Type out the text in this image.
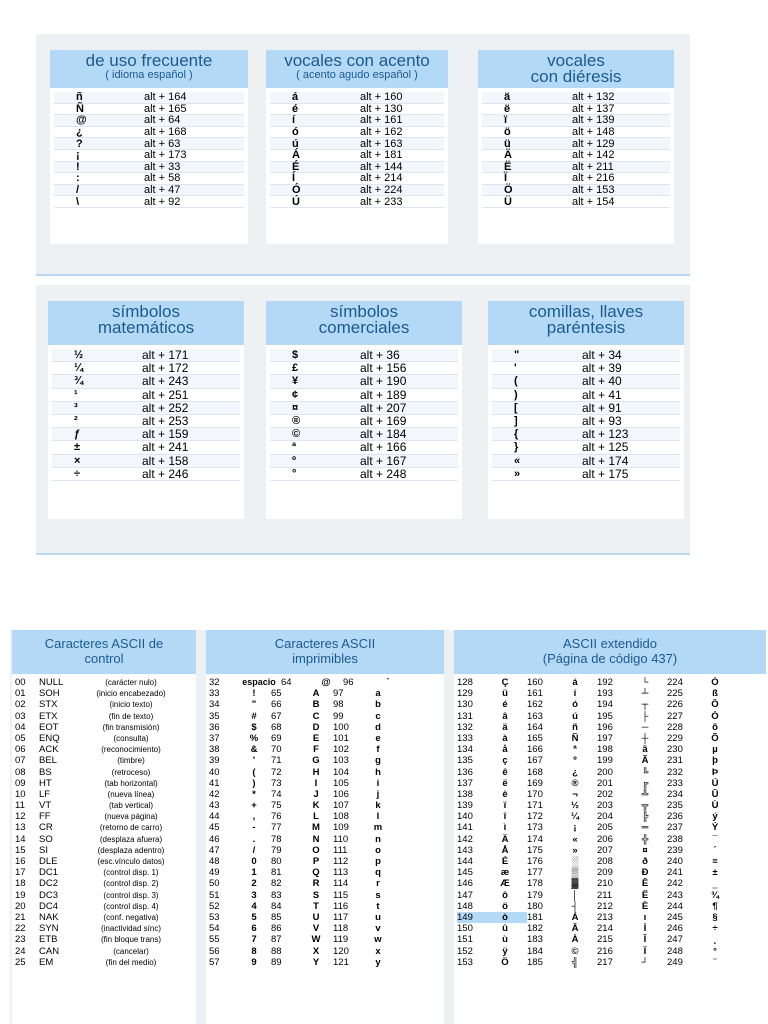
de uso frecuente
( idioma español )
ñ	alt + 164
Ñ	alt + 165
@	alt + 64
¿	alt + 168
?	alt + 63
¡	alt + 173
!	alt + 33
:	alt + 58
/	alt + 47
\	alt + 92
vocales con acento
( acento agudo español )
á	alt + 160
é	alt + 130
í	alt + 161
ó	alt + 162
ú	alt + 163
Á	alt + 181
É	alt + 144
Í	alt + 214
Ó	alt + 224
Ú	alt + 233
vocales
con diéresis
ä	alt + 132
ë	alt + 137
ï	alt + 139
ö	alt + 148
ü	alt + 129
Ä	alt + 142
Ë	alt + 211
Ï	alt + 216
Ö	alt + 153
Ü	alt + 154
símbolos
matemáticos
½	alt + 171
¼	alt + 172
¾	alt + 243
¹	alt + 251
³	alt + 252
²	alt + 253
ƒ	alt + 159
±	alt + 241
×	alt + 158
÷	alt + 246
símbolos
comerciales
$	alt + 36
£	alt + 156
¥	alt + 190
¢	alt + 189
¤	alt + 207
®	alt + 169
©	alt + 184
ª	alt + 166
º	alt + 167
°	alt + 248
comillas, llaves
paréntesis
"	alt + 34
'	alt + 39
(	alt + 40
)	alt + 41
[	alt + 91
]	alt + 93
{	alt + 123
}	alt + 125
«	alt + 174
»	alt + 175
Caracteres ASCII de
control
00	NULL	(carácter nulo)
01	SOH	(inicio encabezado)
02	STX	(inicio texto)
03	ETX	(fin de texto)
04	EOT	(fin transmisión)
05	ENQ	(consulta)
06	ACK	(reconocimiento)
07	BEL	(timbre)
08	BS	(retroceso)
09	HT	(tab horizontal)
10	LF	(nueva línea)
11	VT	(tab vertical)
12	FF	(nueva página)
13	CR	(retorno de carro)
14	SO	(desplaza afuera)
15	SI	(desplaza adentro)
16	DLE	(esc.vínculo datos)
17	DC1	(control disp. 1)
18	DC2	(control disp. 2)
19	DC3	(control disp. 3)
20	DC4	(control disp. 4)
21	NAK	(conf. negativa)
22	SYN	(inactividad sínc)
23	ETB	(fin bloque trans)
24	CAN	(cancelar)
25	EM	(fin del medio)
Caracteres ASCII
imprimibles
32	espacio 64	@	96	`
33	!	65	A	97	a
34	"	66	B	98	b
35	#	67	C	99	c
36	$	68	D	100	d
37	%	69	E	101	e
38	&	70	F	102	f
39	'	71	G	103	g
40	(	72	H	104	h
41	)	73	I	105	i
42	*	74	J	106	j
43	+	75	K	107	k
44	,	76	L	108	l
45	-	77	M	109	m
46	.	78	N	110	n
47	/	79	O	111	o
48	0	80	P	112	p
49	1	81	Q	113	q
50	2	82	R	114	r
51	3	83	S	115	s
52	4	84	T	116	t
53	5	85	U	117	u
54	6	86	V	118	v
55	7	87	W	119	w
56	8	88	X	120	x
57	9	89	Y	121	y
ASCII extendido
(Página de código 437)
128	Ç	160	á	192	└	224	Ó
129	ü	161	í	193	┴	225	ß
130	é	162	ó	194	┬	226	Ô
131	â	163	ú	195	├	227	Ò
132	ä	164	ñ	196	─	228	õ
133	à	165	Ñ	197	┼	229	Õ
134	å	166	ª	198	ã	230	µ
135	ç	167	º	199	Ã	231	þ
136	ê	168	¿	200	╚	232	Þ
137	ë	169	®	201	╔	233	Ú
138	è	170	¬	202	╩	234	Û
139	ï	171	½	203	╦	235	Ù
140	î	172	¼	204	╠	236	ý
141	ì	173	¡	205	═	237	Ý
142	Ä	174	«	206	╬	238	¯
143	Å	175	»	207	¤	239	´
144	É	176	░	208	ð	240	≡
145	æ	177	▒	209	Ð	241	±
146	Æ	178	▓	210	Ê	242	‗
147	ô	179	│	211	Ë	243	¾
148	ö	180	┤	212	È	244	¶
149	ò	181	Á	213	ı	245	§
150	û	182	Â	214	Í	246	÷
151	ù	183	À	215	Î	247	¸
152	ÿ	184	©	216	Ï	248	°
153	Ö	185	╣	217	┘	249	¨
